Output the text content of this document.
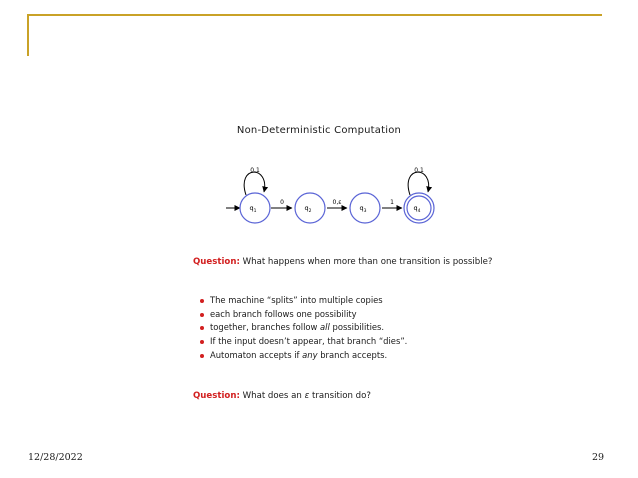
Non-Deterministic Computation
0,1
0	0,ε	1
0,1
$q_1$	$q_2$	$q_3$	$q_4$
Question: What happens when more than one transition is possible?
The machine “splits” into multiple copies
each branch follows one possibility
together, branches follow all possibilities.
If the input doesn’t appear, that branch “dies”.
Automaton accepts if any branch accepts.
Question: What does an ε transition do?
12/28/2022	29
